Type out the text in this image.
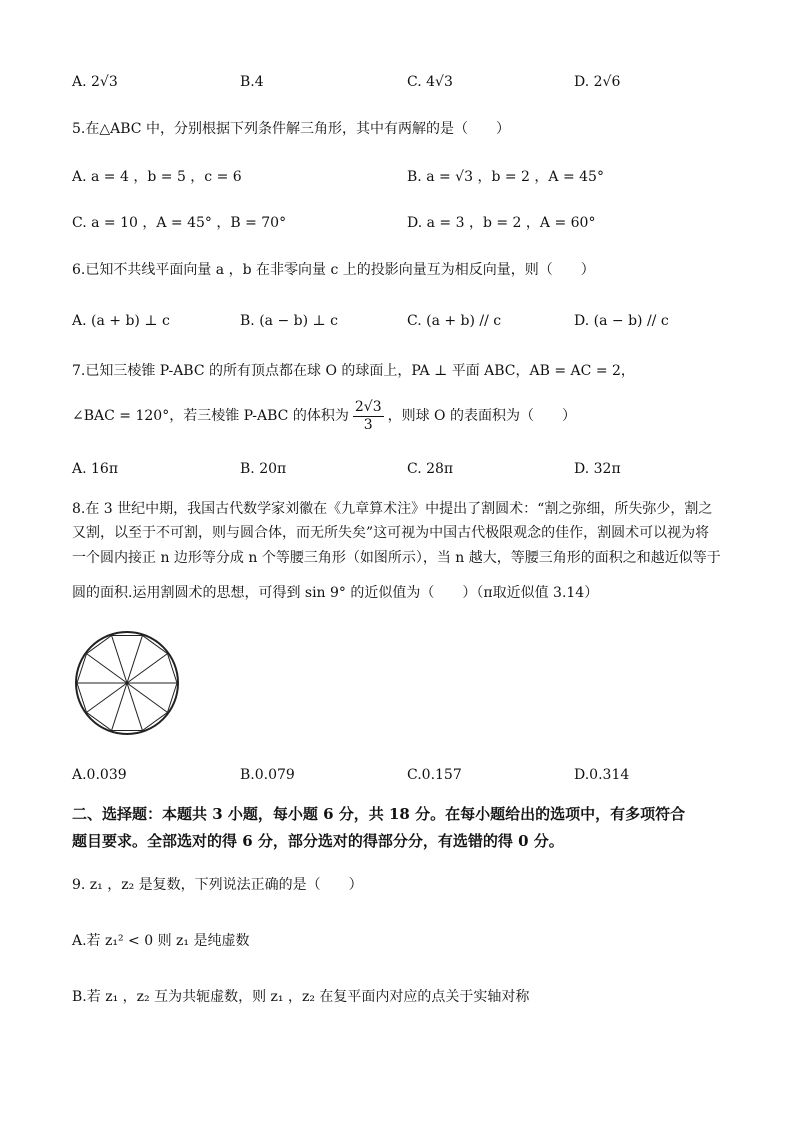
A. 2√3	B.4	C. 4√3	D. 2√6
5.在△ABC 中，分别根据下列条件解三角形，其中有两解的是（　　）
A. a = 4 ，b = 5 ，c = 6	B. a = √3 ，b = 2 ，A = 45°
C. a = 10 ，A = 45° ，B = 70°	D. a = 3 ，b = 2 ，A = 60°
6.已知不共线平面向量 a ，b 在非零向量 c 上的投影向量互为相反向量，则（　　）
A. (a + b) ⊥ c	B. (a − b) ⊥ c	C. (a + b) // c	D. (a − b) // c
7.已知三棱锥 P-ABC 的所有顶点都在球 O 的球面上，PA ⊥ 平面 ABC，AB = AC = 2，
∠BAC = 120°，若三棱锥 P-ABC 的体积为 $\frac{2√3}{3}$ ，则球 O 的表面积为（　　）
A. 16π	B. 20π	C. 28π	D. 32π
8.在 3 世纪中期，我国古代数学家刘徽在《九章算术注》中提出了割圆术：“割之弥细，所失弥少，割之
又割，以至于不可割，则与圆合体，而无所失矣”这可视为中国古代极限观念的佳作，割圆术可以视为将
一个圆内接正 n 边形等分成 n 个等腰三角形（如图所示），当 n 越大，等腰三角形的面积之和越近似等于
圆的面积.运用割圆术的思想，可得到 sin 9° 的近似值为（　　）（π取近似值 3.14）
A.0.039	B.0.079	C.0.157	D.0.314
二、选择题：本题共 3 小题，每小题 6 分，共 18 分。在每小题给出的选项中，有多项符合
题目要求。全部选对的得 6 分，部分选对的得部分分，有选错的得 0 分。
9. z₁ ，z₂ 是复数，下列说法正确的是（　　）
A.若 z₁² < 0 则 z₁ 是纯虚数
B.若 z₁ ，z₂ 互为共轭虚数，则 z₁ ，z₂ 在复平面内对应的点关于实轴对称
